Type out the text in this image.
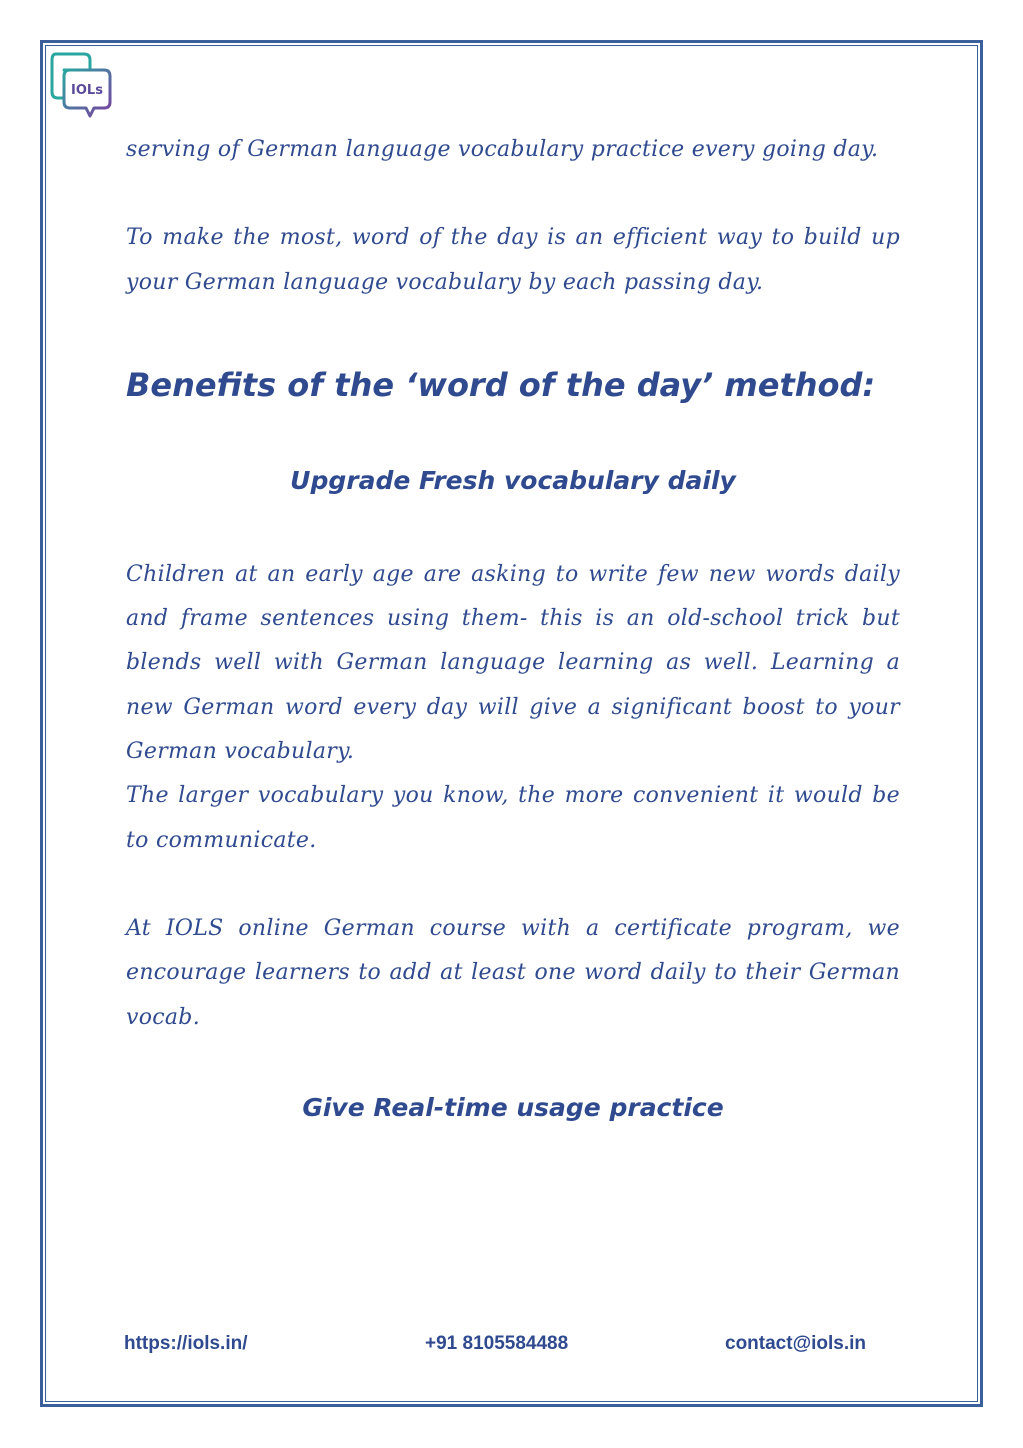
IOLs

serving of German language vocabulary practice every going day.

To make the most, word of the day is an efficient way to build up your German language vocabulary by each passing day.

Benefits of the ‘word of the day’ method:
Upgrade Fresh vocabulary daily

Children at an early age are asking to write few new words daily and frame sentences using them- this is an old-school trick but blends well with German language learning as well. Learning a new German word every day will give a significant boost to your German vocabulary.

The larger vocabulary you know, the more convenient it would be to communicate.

At IOLS online German course with a certificate program, we encourage learners to add at least one word daily to their German vocab.

Give Real-time usage practice
https://iols.in/	+91 8105584488	contact@iols.in
